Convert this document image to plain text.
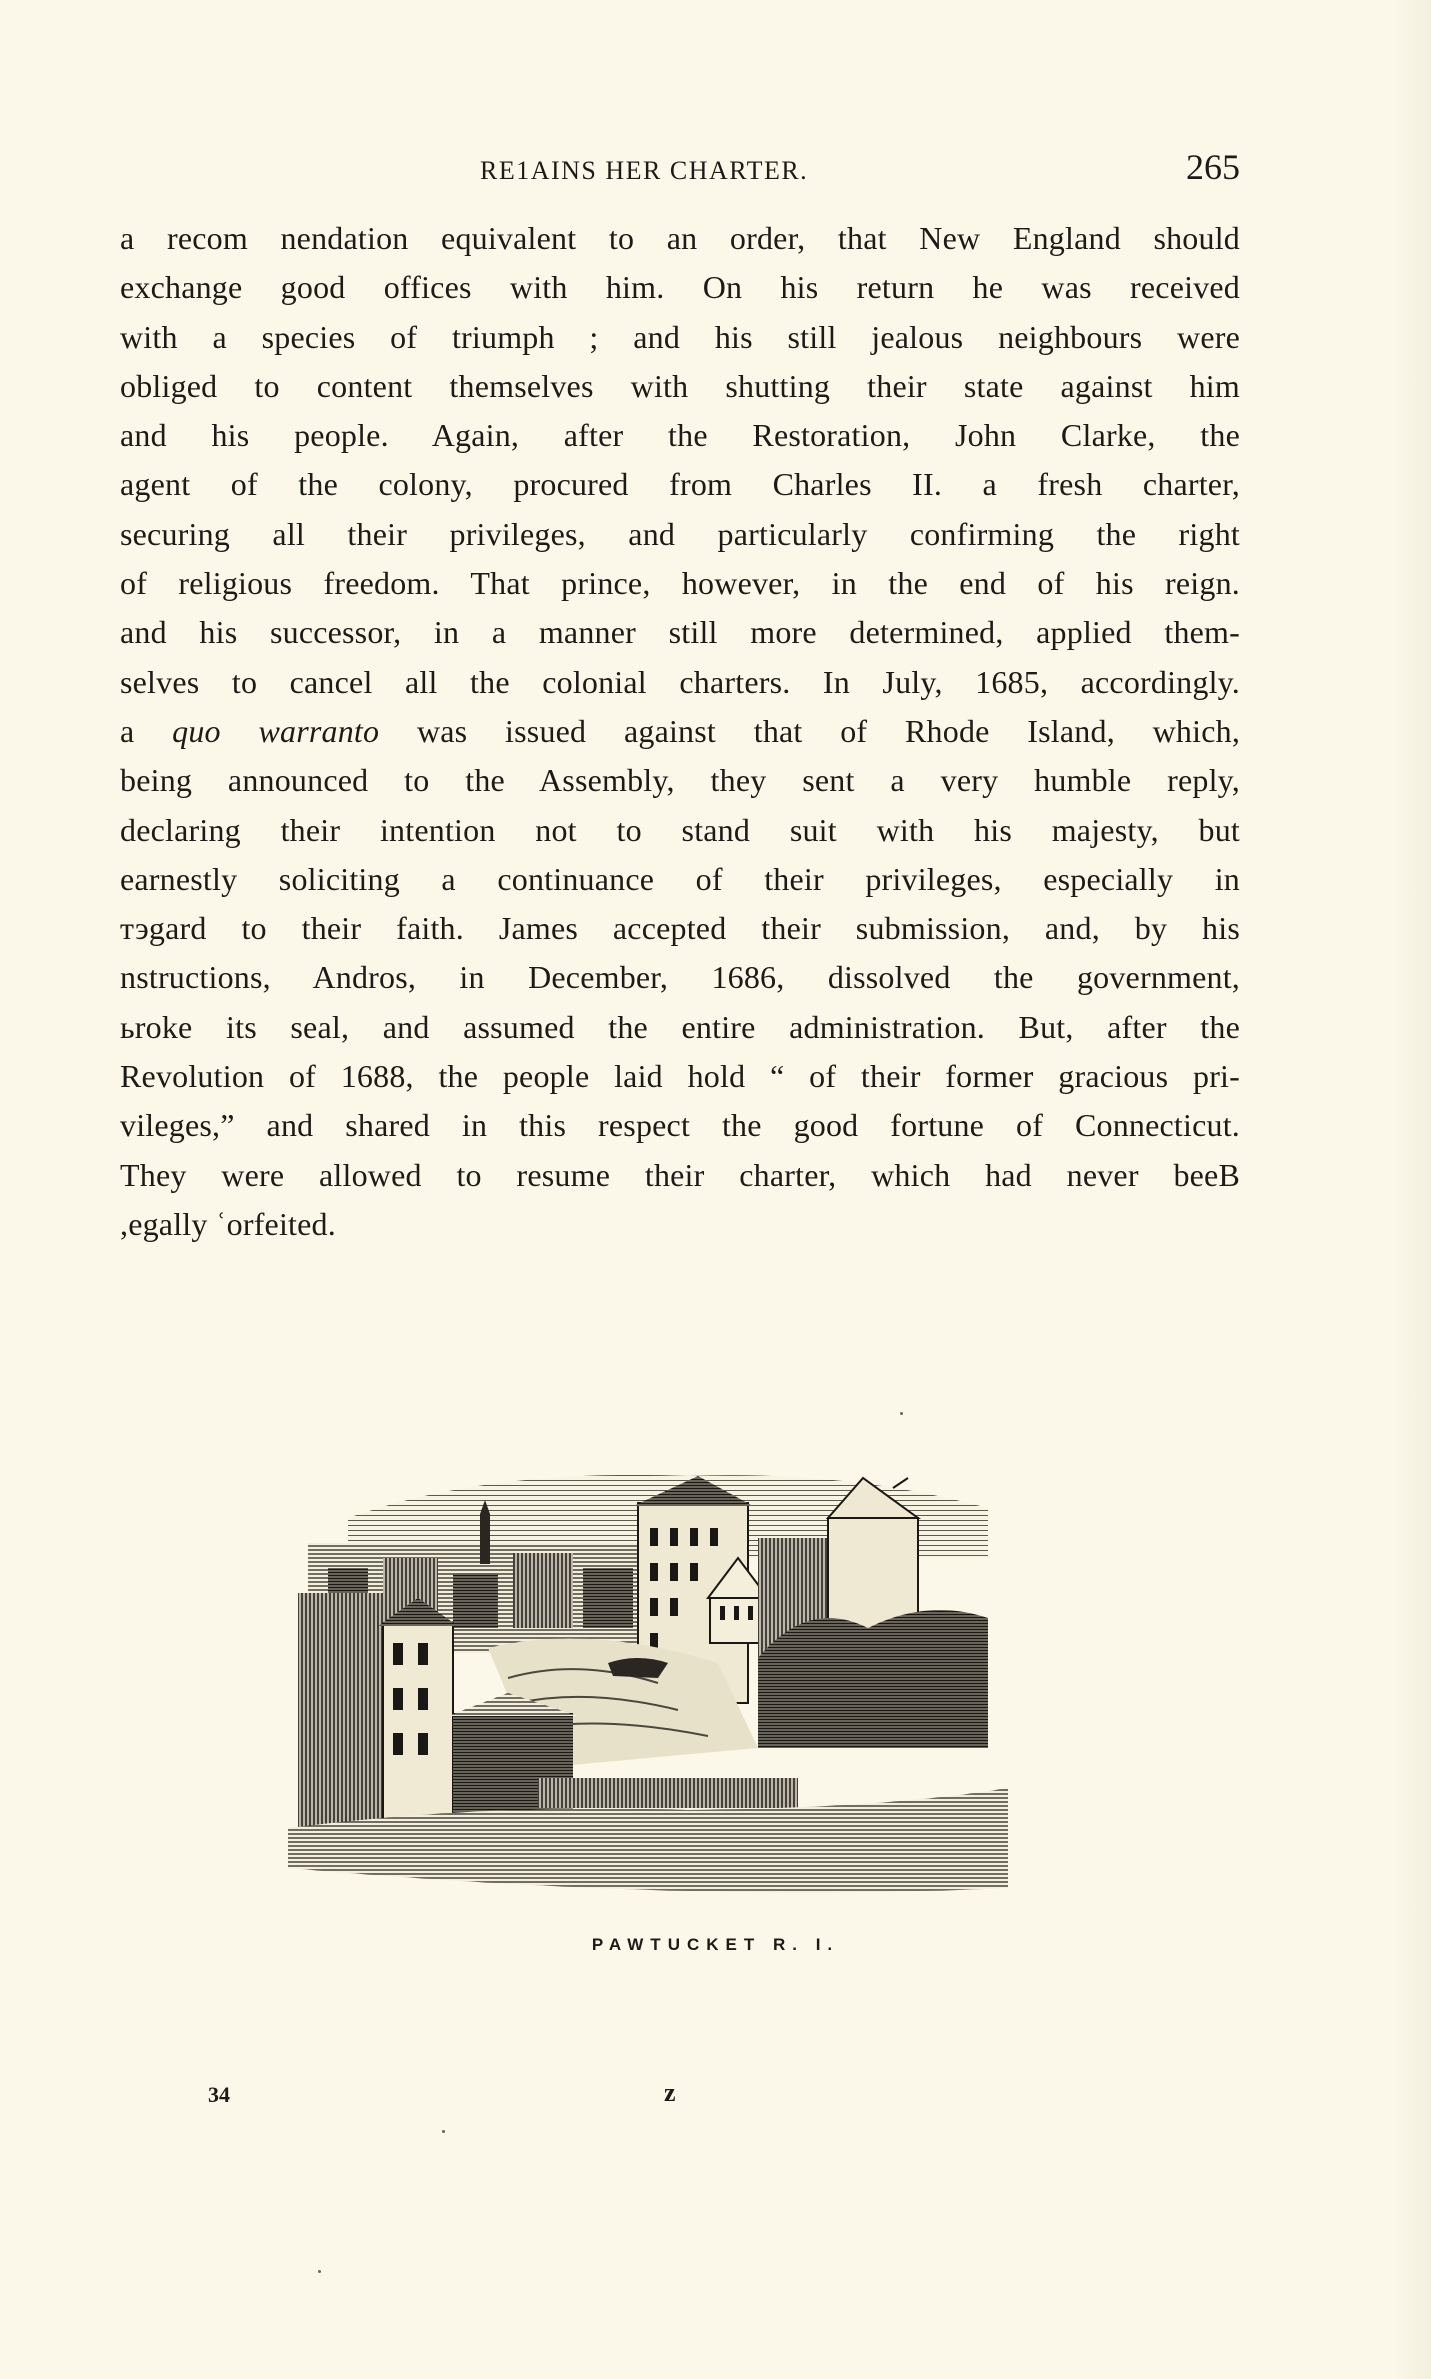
RE1AINS HER CHARTER.	265
a recom nendation equivalent to an order, that New England should
exchange good offices with him. On his return he was received
with a species of triumph ; and his still jealous neighbours were
obliged to content themselves with shutting their state against him
and his people. Again, after the Restoration, John Clarke, the
agent of the colony, procured from Charles II. a fresh charter,
securing all their privileges, and particularly confirming the right
of religious freedom. That prince, however, in the end of his reign.
and his successor, in a manner still more determined, applied them-
selves to cancel all the colonial charters. In July, 1685, accordingly.
a quo warranto was issued against that of Rhode Island, which,
being announced to the Assembly, they sent a very humble reply,
declaring their intention not to stand suit with his majesty, but
earnestly soliciting a continuance of their privileges, especially in
тэgard to their faith. James accepted their submission, and, by his
nstructions, Andros, in December, 1686, dissolved the government,
ьroke its seal, and assumed the entire administration. But, after the
Revolution of 1688, the people laid hold “ of their former gracious pri-
vileges,” and shared in this respect the good fortune of Connecticut.
They were allowed to resume their charter, which had never beeB
,egally ʿorfeited.
PAWTUCKET R. I.
34	z
